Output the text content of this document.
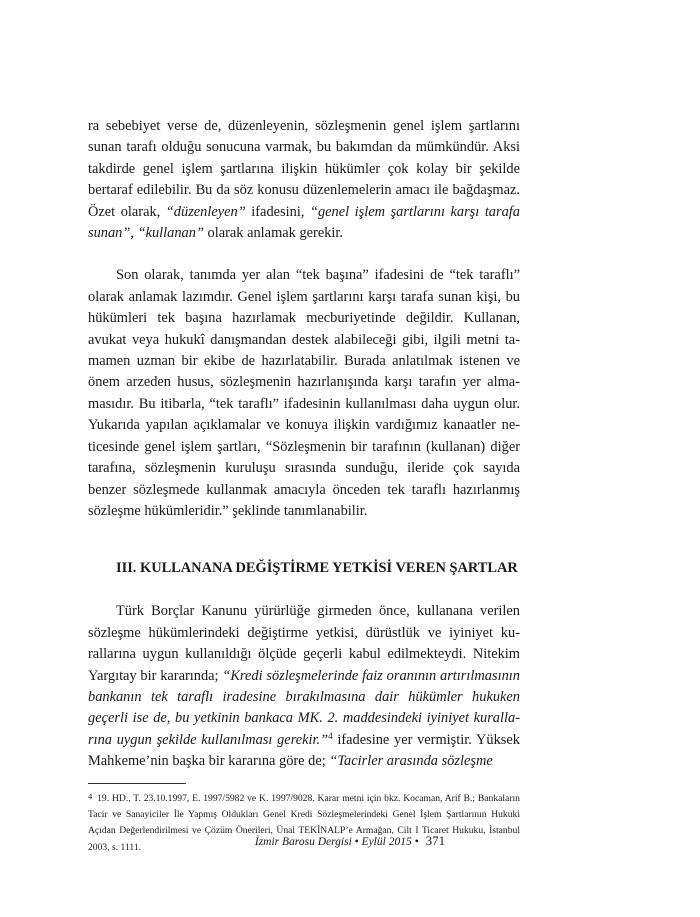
ra sebebiyet verse de, düzenleyenin, sözleşmenin genel işlem şartlarını sunan tarafı olduğu sonucuna varmak, bu bakımdan da mümkündür. Aksi takdirde genel işlem şartlarına ilişkin hükümler çok kolay bir şekilde bertaraf edilebilir. Bu da söz konusu düzenlemelerin amacı ile bağdaşmaz. Özet olarak, “düzenleyen” ifadesini, “genel işlem şartlarını karşı tarafa sunan”, “kullanan” olarak anlamak gerekir.

Son olarak, tanımda yer alan “tek başına” ifadesini de “tek taraflı” olarak anlamak lazımdır. Genel işlem şartlarını karşı tarafa sunan kişi, bu hükümleri tek başına hazırlamak mecburiyetinde değildir. Kullanan, avukat veya hukukî danışmandan destek alabileceği gibi, ilgili metni tamamen uzman bir ekibe de hazırlatabilir. Burada anlatılmak istenen ve önem arzeden husus, sözleşmenin hazırlanışında karşı tarafın yer almamasıdır. Bu itibarla, “tek taraflı” ifadesinin kullanılması daha uygun olur. Yukarıda yapılan açıklamalar ve konuya ilişkin vardığımız kanaatler neticesinde genel işlem şartları, “Sözleşmenin bir tarafının (kullanan) diğer tarafına, sözleşmenin kuruluşu sırasında sunduğu, ileride çok sayıda benzer sözleşmede kullanmak amacıyla önceden tek taraflı hazırlanmış sözleşme hükümleridir.” şeklinde tanımlanabilir.

III. KULLANANA DEĞİŞTİRME YETKİSİ VEREN ŞARTLAR

Türk Borçlar Kanunu yürürlüğe girmeden önce, kullanana verilen sözleşme hükümlerindeki değiştirme yetkisi, dürüstlük ve iyiniyet kurallarına uygun kullanıldığı ölçüde geçerli kabul edilmekteydi. Nitekim Yargıtay bir kararında; “Kredi sözleşmelerinde faiz oranının artırılmasının bankanın tek taraflı iradesine bırakılmasına dair hükümler hukuken geçerli ise de, bu yetkinin bankaca MK. 2. maddesindeki iyiniyet kurallarına uygun şekilde kullanılması gerekir.”$^4$ ifadesine yer vermiştir. Yüksek Mahkeme’nin başka bir kararına göre de; “Tacirler arasında sözleşme

4 19. HD., T. 23.10.1997, E. 1997/5982 ve K. 1997/9028. Karar metni için bkz. Kocaman, Arif B.; Bankaların Tacir ve Sanayiciler İle Yapmış Oldukları Genel Kredi Sözleşmelerindeki Genel İşlem Şartlarının Hukuki Açıdan Değerlendirilmesi ve Çözüm Önerileri, Ünal TEKİNALP’e Armağan, Cilt I Ticaret Hukuku, İstanbul 2003, s. 1111.	İzmir Barosu Dergisi • Eylül 2015 • 371
